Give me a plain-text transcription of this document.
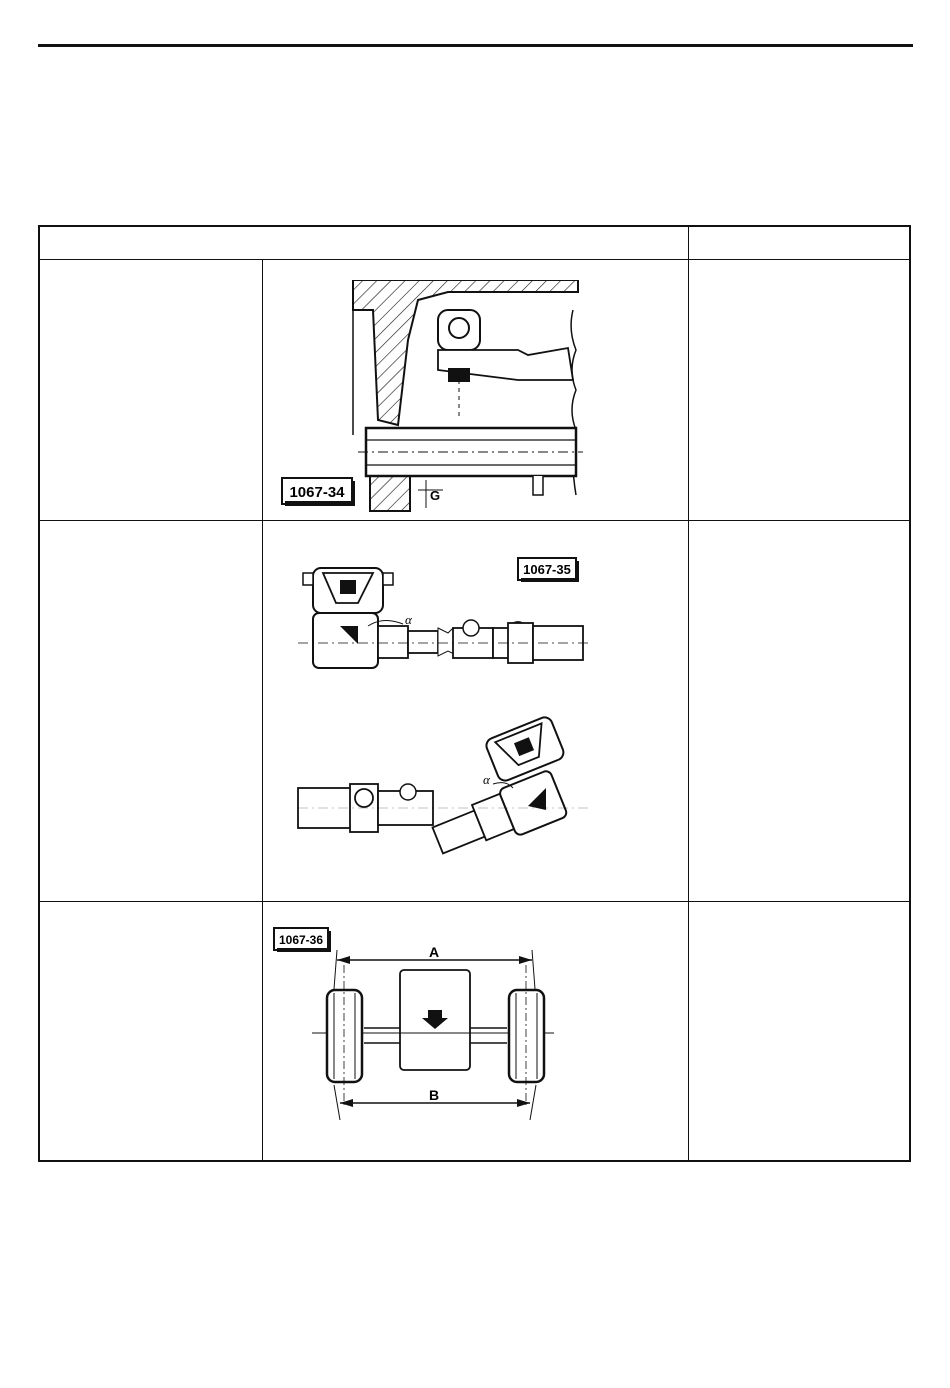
1067-34	G
α
1067-35
α
1067-36
A
B
